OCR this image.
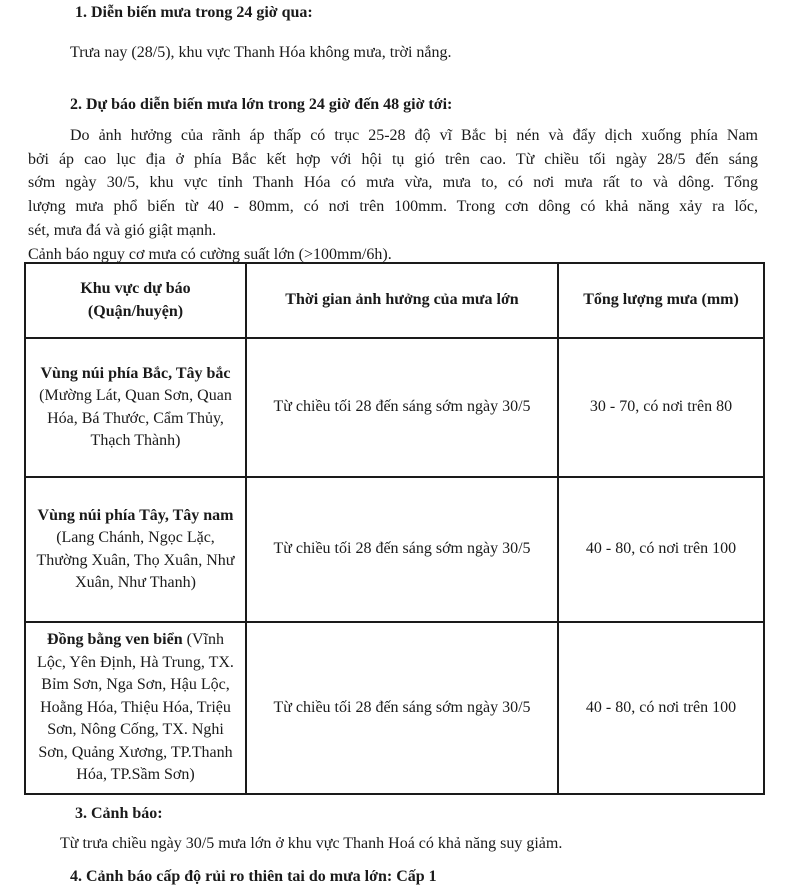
1. Diễn biến mưa trong 24 giờ qua:
Trưa nay (28/5), khu vực Thanh Hóa không mưa, trời nắng.
2. Dự báo diễn biến mưa lớn trong 24 giờ đến 48 giờ tới:
Do ảnh hưởng của rãnh áp thấp có trục 25-28 độ vĩ Bắc bị nén và đẩy dịch xuống phía Nam
bởi áp cao lục địa ở phía Bắc kết hợp với hội tụ gió trên cao. Từ chiều tối ngày 28/5 đến sáng
sớm ngày 30/5, khu vực tỉnh Thanh Hóa có mưa vừa, mưa to, có nơi mưa rất to và dông. Tổng
lượng mưa phổ biến từ 40 - 80mm, có nơi trên 100mm. Trong cơn dông có khả năng xảy ra lốc,
sét, mưa đá và gió giật mạnh.
Cảnh báo nguy cơ mưa có cường suất lớn (>100mm/6h).
Khu vực dự báo
(Quận/huyện)	Thời gian ảnh hưởng của mưa lớn	Tổng lượng mưa (mm)
Vùng núi phía Bắc, Tây bắc (Mường Lát, Quan Sơn, Quan Hóa, Bá Thước, Cẩm Thủy, Thạch Thành)	Từ chiều tối 28 đến sáng sớm ngày 30/5	30 - 70, có nơi trên 80
Vùng núi phía Tây, Tây nam (Lang Chánh, Ngọc Lặc, Thường Xuân, Thọ Xuân, Như Xuân, Như Thanh)	Từ chiều tối 28 đến sáng sớm ngày 30/5	40 - 80, có nơi trên 100
Đồng bằng ven biển (Vĩnh Lộc, Yên Định, Hà Trung, TX. Bỉm Sơn, Nga Sơn, Hậu Lộc, Hoằng Hóa, Thiệu Hóa, Triệu Sơn, Nông Cống, TX. Nghi Sơn, Quảng Xương, TP.Thanh Hóa, TP.Sầm Sơn)	Từ chiều tối 28 đến sáng sớm ngày 30/5	40 - 80, có nơi trên 100
3. Cảnh báo:
Từ trưa chiều ngày 30/5 mưa lớn ở khu vực Thanh Hoá có khả năng suy giảm.
4. Cảnh báo cấp độ rủi ro thiên tai do mưa lớn: Cấp 1
